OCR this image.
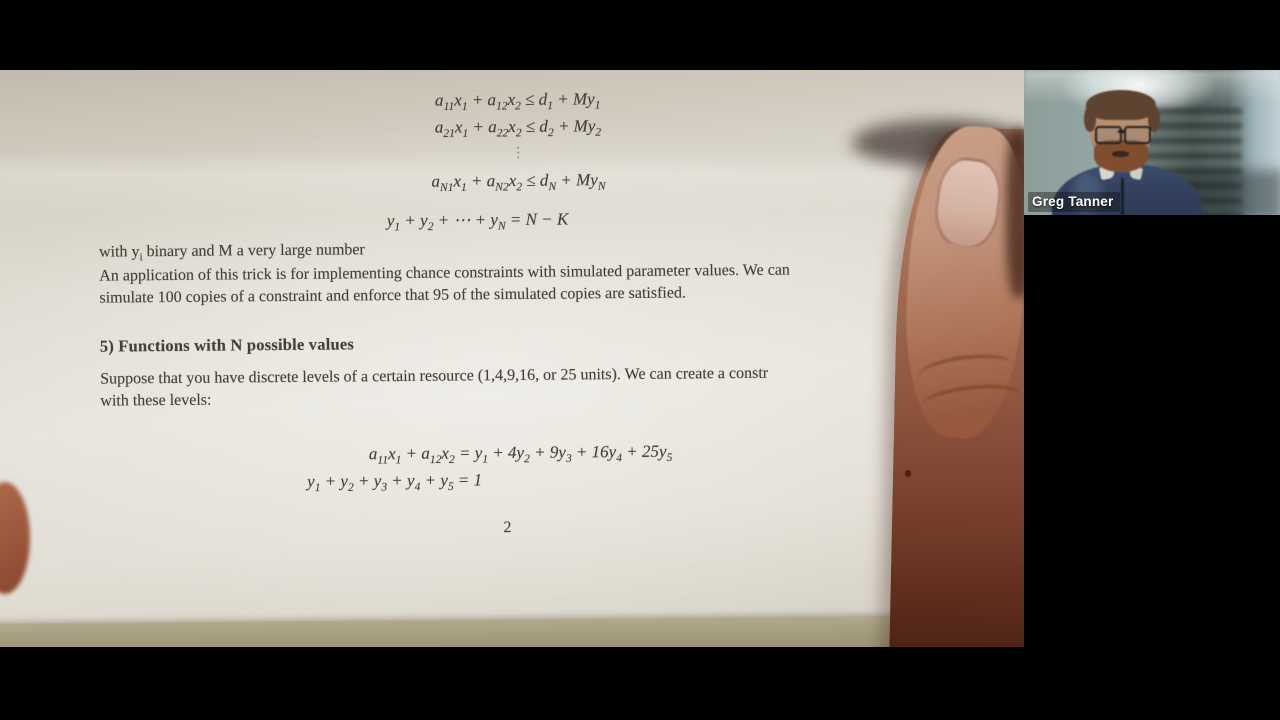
$a_{11}x_1 + a_{12}x_2 \le d_1 + My_1$
$a_{21}x_1 + a_{22}x_2 \le d_2 + My_2$
⋮
$a_{N1}x_1 + a_{N2}x_2 \le d_N + My_N$
$y_1 + y_2$ + ⋯ + $y_N = N - K$
with $y_i$ binary and M a very large number
An application of this trick is for implementing chance constraints with simulated parameter values. We can
simulate 100 copies of a constraint and enforce that 95 of the simulated copies are satisfied.
5) Functions with N possible values
Suppose that you have discrete levels of a certain resource (1,4,9,16, or 25 units). We can create a constr
with these levels:
$a_{11}x_1 + a_{12}x_2 = y_1 + 4y_2 + 9y_3 + 16y_4 + 25y_5$
$y_1 + y_2 + y_3 + y_4 + y_5 = 1$
2
Greg Tanner
